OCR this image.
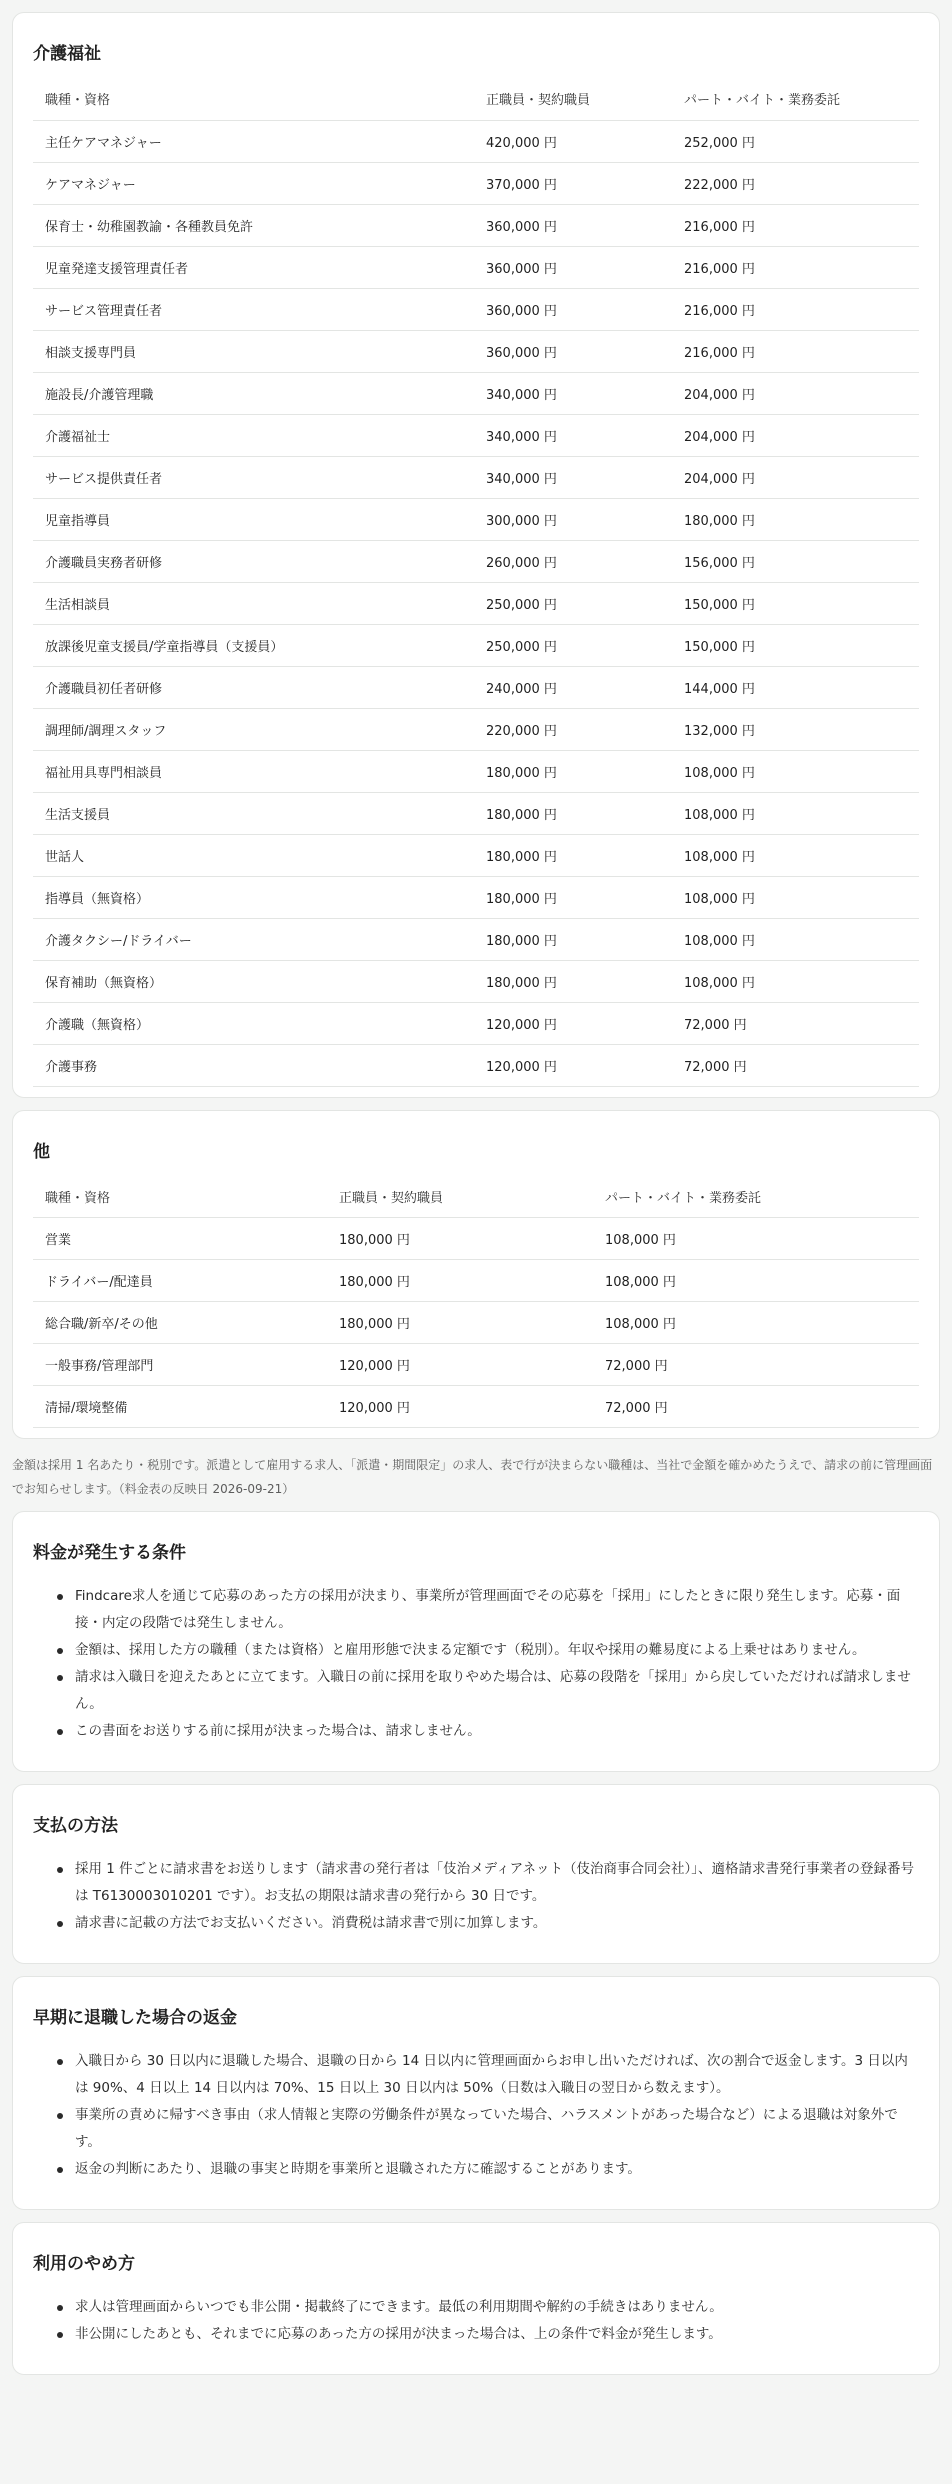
介護福祉
職種・資格	正職員・契約職員	パート・バイト・業務委託
主任ケアマネジャー	420,000 円	252,000 円
ケアマネジャー	370,000 円	222,000 円
保育士・幼稚園教諭・各種教員免許	360,000 円	216,000 円
児童発達支援管理責任者	360,000 円	216,000 円
サービス管理責任者	360,000 円	216,000 円
相談支援専門員	360,000 円	216,000 円
施設長/介護管理職	340,000 円	204,000 円
介護福祉士	340,000 円	204,000 円
サービス提供責任者	340,000 円	204,000 円
児童指導員	300,000 円	180,000 円
介護職員実務者研修	260,000 円	156,000 円
生活相談員	250,000 円	150,000 円
放課後児童支援員/学童指導員（支援員）	250,000 円	150,000 円
介護職員初任者研修	240,000 円	144,000 円
調理師/調理スタッフ	220,000 円	132,000 円
福祉用具専門相談員	180,000 円	108,000 円
生活支援員	180,000 円	108,000 円
世話人	180,000 円	108,000 円
指導員（無資格）	180,000 円	108,000 円
介護タクシー/ドライバー	180,000 円	108,000 円
保育補助（無資格）	180,000 円	108,000 円
介護職（無資格）	120,000 円	72,000 円
介護事務	120,000 円	72,000 円
他
職種・資格	正職員・契約職員	パート・バイト・業務委託
営業	180,000 円	108,000 円
ドライバー/配達員	180,000 円	108,000 円
総合職/新卒/その他	180,000 円	108,000 円
一般事務/管理部門	120,000 円	72,000 円
清掃/環境整備	120,000 円	72,000 円

金額は採用 1 名あたり・税別です。派遣として雇用する求人、「派遣・期間限定」の求人、表で行が決まらない職種は、当社で金額を確かめたうえで、請求の前に管理画面でお知らせします。（料金表の反映日 2026-09-21）

料金が発生する条件
Findcare求人を通じて応募のあった方の採用が決まり、事業所が管理画面でその応募を「採用」にしたときに限り発生します。応募・面接・内定の段階では発生しません。
金額は、採用した方の職種（または資格）と雇用形態で決まる定額です（税別）。年収や採用の難易度による上乗せはありません。
請求は入職日を迎えたあとに立てます。入職日の前に採用を取りやめた場合は、応募の段階を「採用」から戻していただければ請求しません。
この書面をお送りする前に採用が決まった場合は、請求しません。
支払の方法
採用 1 件ごとに請求書をお送りします（請求書の発行者は「伎治メディアネット（伎治商事合同会社）」、適格請求書発行事業者の登録番号は T6130003010201 です）。お支払の期限は請求書の発行から 30 日です。
請求書に記載の方法でお支払いください。消費税は請求書で別に加算します。
早期に退職した場合の返金
入職日から 30 日以内に退職した場合、退職の日から 14 日以内に管理画面からお申し出いただければ、次の割合で返金します。3 日以内は 90%、4 日以上 14 日以内は 70%、15 日以上 30 日以内は 50%（日数は入職日の翌日から数えます）。
事業所の責めに帰すべき事由（求人情報と実際の労働条件が異なっていた場合、ハラスメントがあった場合など）による退職は対象外です。
返金の判断にあたり、退職の事実と時期を事業所と退職された方に確認することがあります。
利用のやめ方
求人は管理画面からいつでも非公開・掲載終了にできます。最低の利用期間や解約の手続きはありません。
非公開にしたあとも、それまでに応募のあった方の採用が決まった場合は、上の条件で料金が発生します。
